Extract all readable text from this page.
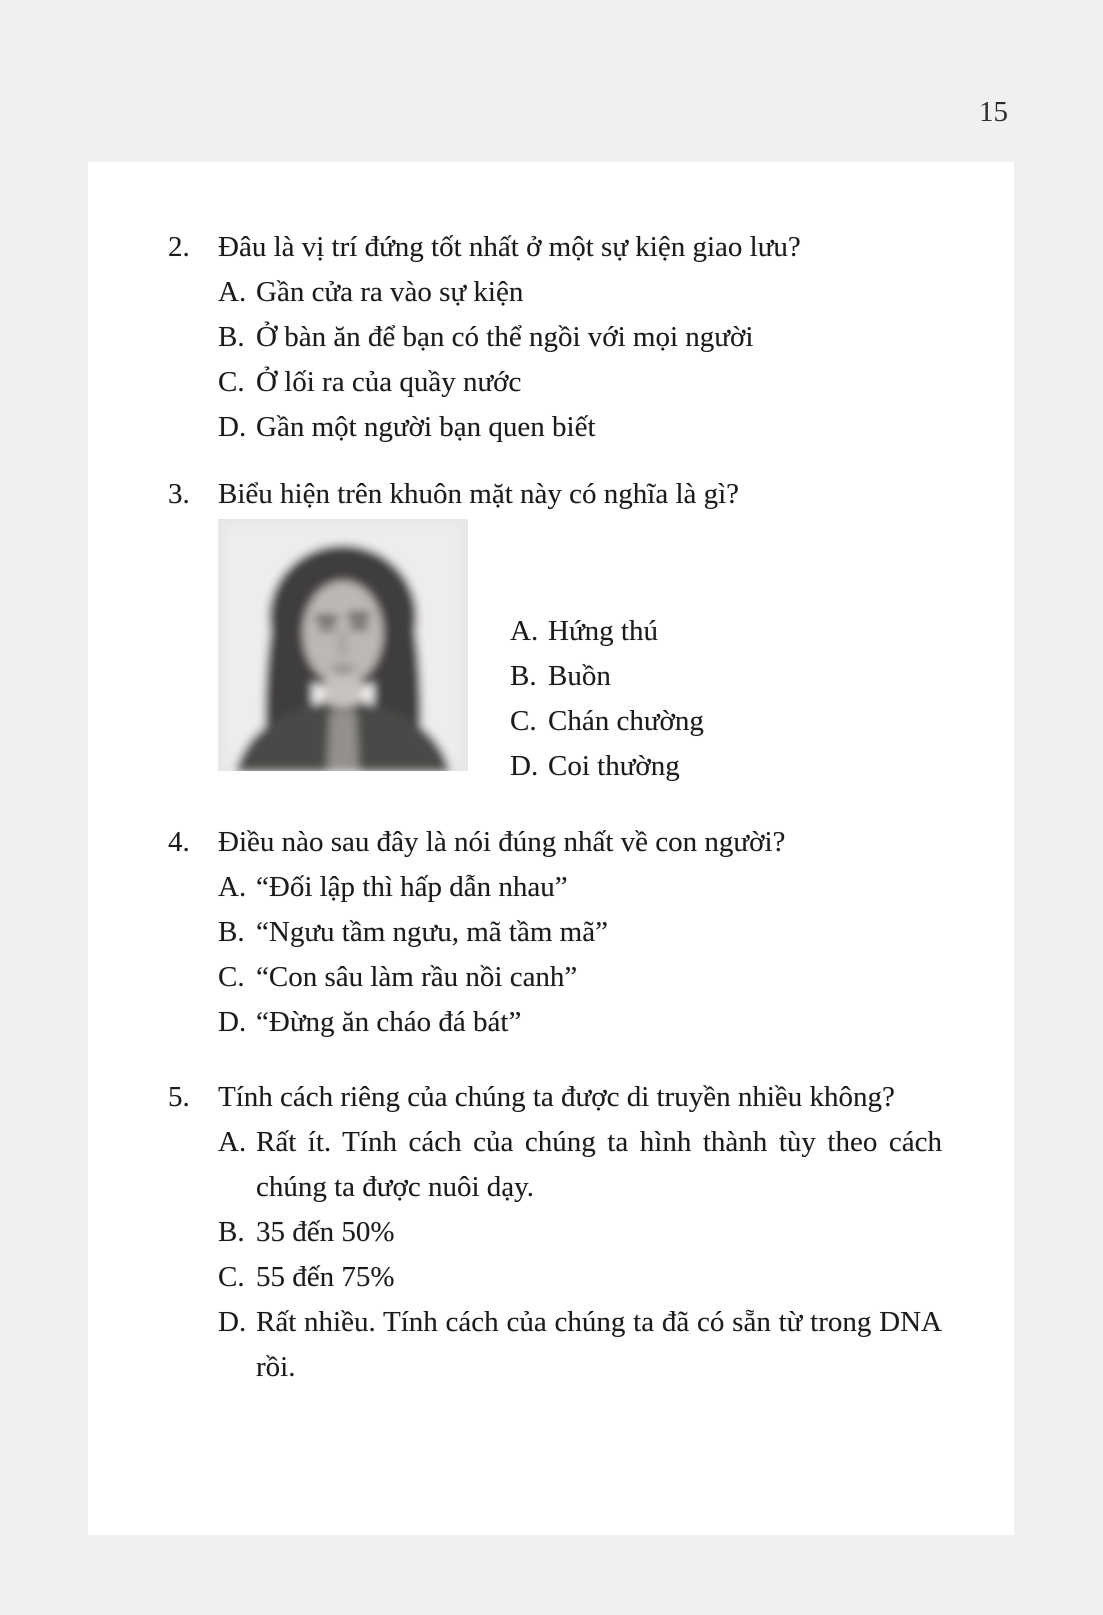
15
2. Đâu là vị trí đứng tốt nhất ở một sự kiện giao lưu?
A. Gần cửa ra vào sự kiện
B. Ở bàn ăn để bạn có thể ngồi với mọi người
C. Ở lối ra của quầy nước
D. Gần một người bạn quen biết
3. Biểu hiện trên khuôn mặt này có nghĩa là gì?
A. Hứng thú
B. Buồn
C. Chán chường
D. Coi thường
4. Điều nào sau đây là nói đúng nhất về con người?
A. “Đối lập thì hấp dẫn nhau”
B. “Ngưu tầm ngưu, mã tầm mã”
C. “Con sâu làm rầu nồi canh”
D. “Đừng ăn cháo đá bát”
5. Tính cách riêng của chúng ta được di truyền nhiều không?
A. Rất ít. Tính cách của chúng ta hình thành tùy theo cách chúng ta được nuôi dạy.
B. 35 đến 50%
C. 55 đến 75%
D. Rất nhiều. Tính cách của chúng ta đã có sẵn từ trong DNA rồi.
